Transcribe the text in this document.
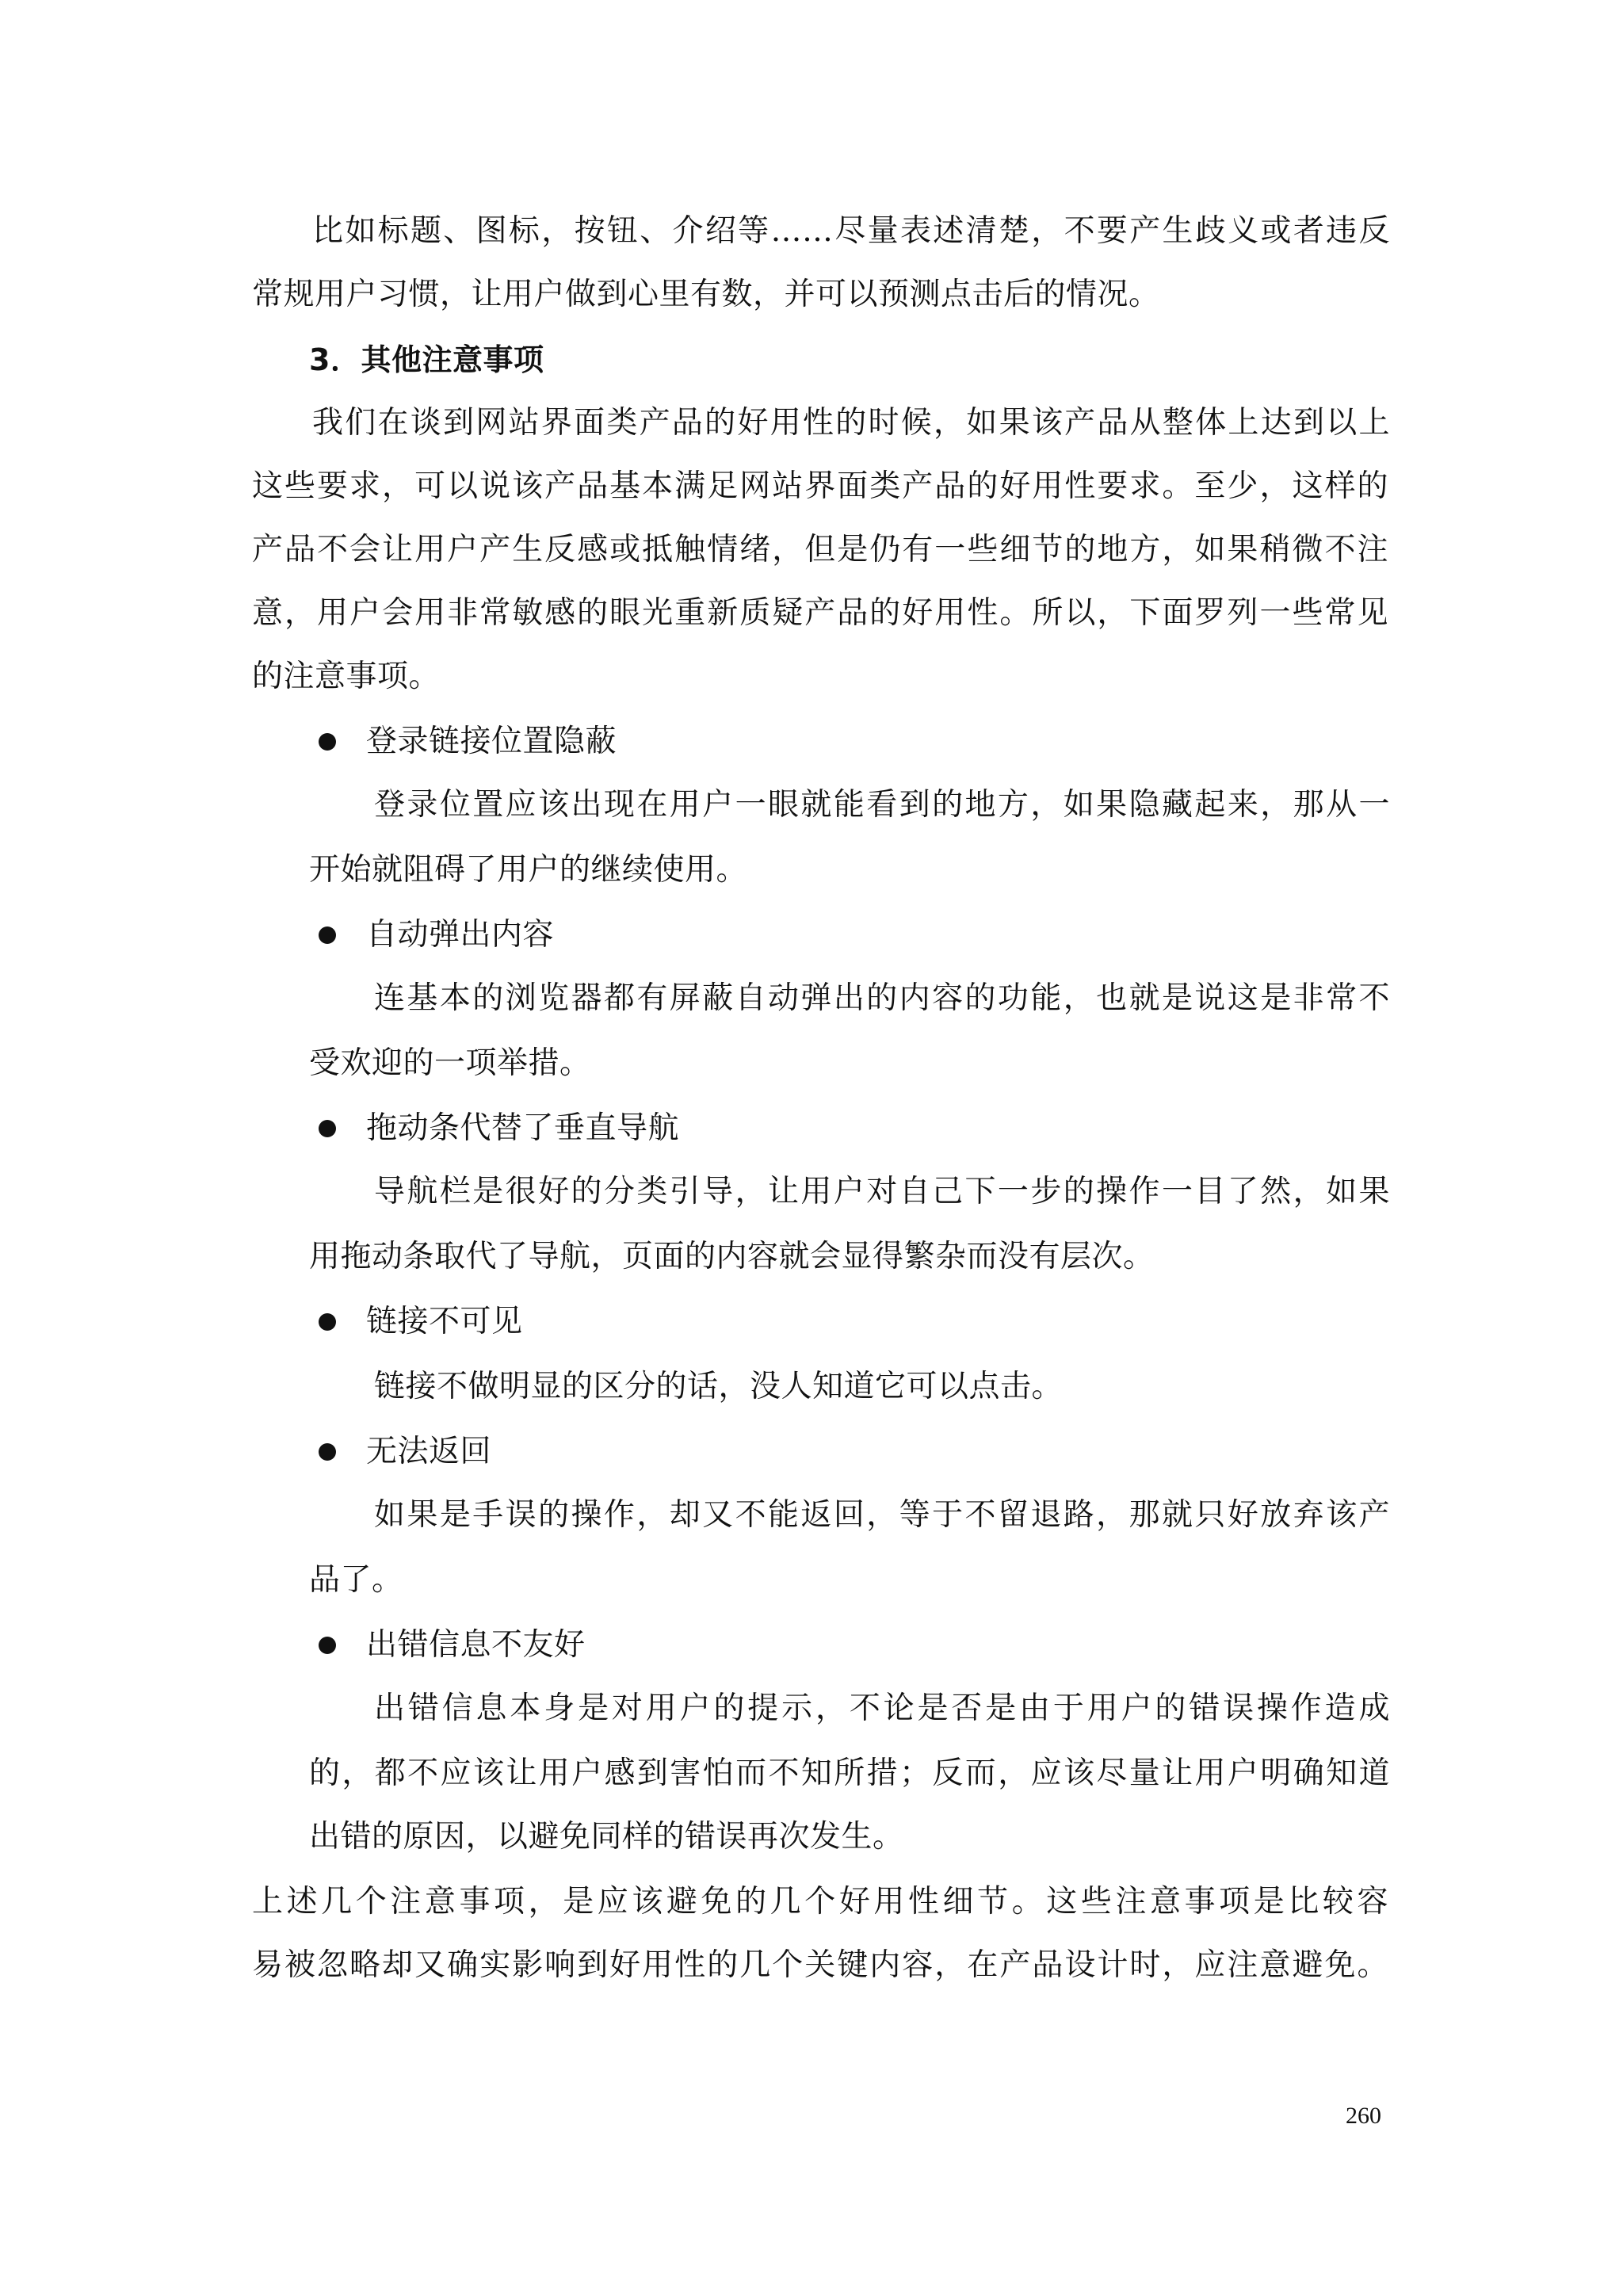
比如标题、图标，按钮、介绍等……尽量表述清楚，不要产生歧义或者违反
常规用户习惯，让用户做到心里有数，并可以预测点击后的情况。
3．其他注意事项
我们在谈到网站界面类产品的好用性的时候，如果该产品从整体上达到以上
这些要求，可以说该产品基本满足网站界面类产品的好用性要求。至少，这样的
产品不会让用户产生反感或抵触情绪，但是仍有一些细节的地方，如果稍微不注
意，用户会用非常敏感的眼光重新质疑产品的好用性。所以，下面罗列一些常见
的注意事项。
登录链接位置隐蔽
登录位置应该出现在用户一眼就能看到的地方，如果隐藏起来，那从一
开始就阻碍了用户的继续使用。
自动弹出内容
连基本的浏览器都有屏蔽自动弹出的内容的功能，也就是说这是非常不
受欢迎的一项举措。
拖动条代替了垂直导航
导航栏是很好的分类引导，让用户对自己下一步的操作一目了然，如果
用拖动条取代了导航，页面的内容就会显得繁杂而没有层次。
链接不可见
链接不做明显的区分的话，没人知道它可以点击。
无法返回
如果是手误的操作，却又不能返回，等于不留退路，那就只好放弃该产
品了。
出错信息不友好
出错信息本身是对用户的提示，不论是否是由于用户的错误操作造成
的，都不应该让用户感到害怕而不知所措；反而，应该尽量让用户明确知道
出错的原因，以避免同样的错误再次发生。
上述几个注意事项，是应该避免的几个好用性细节。这些注意事项是比较容
易被忽略却又确实影响到好用性的几个关键内容，在产品设计时，应注意避免。
260
